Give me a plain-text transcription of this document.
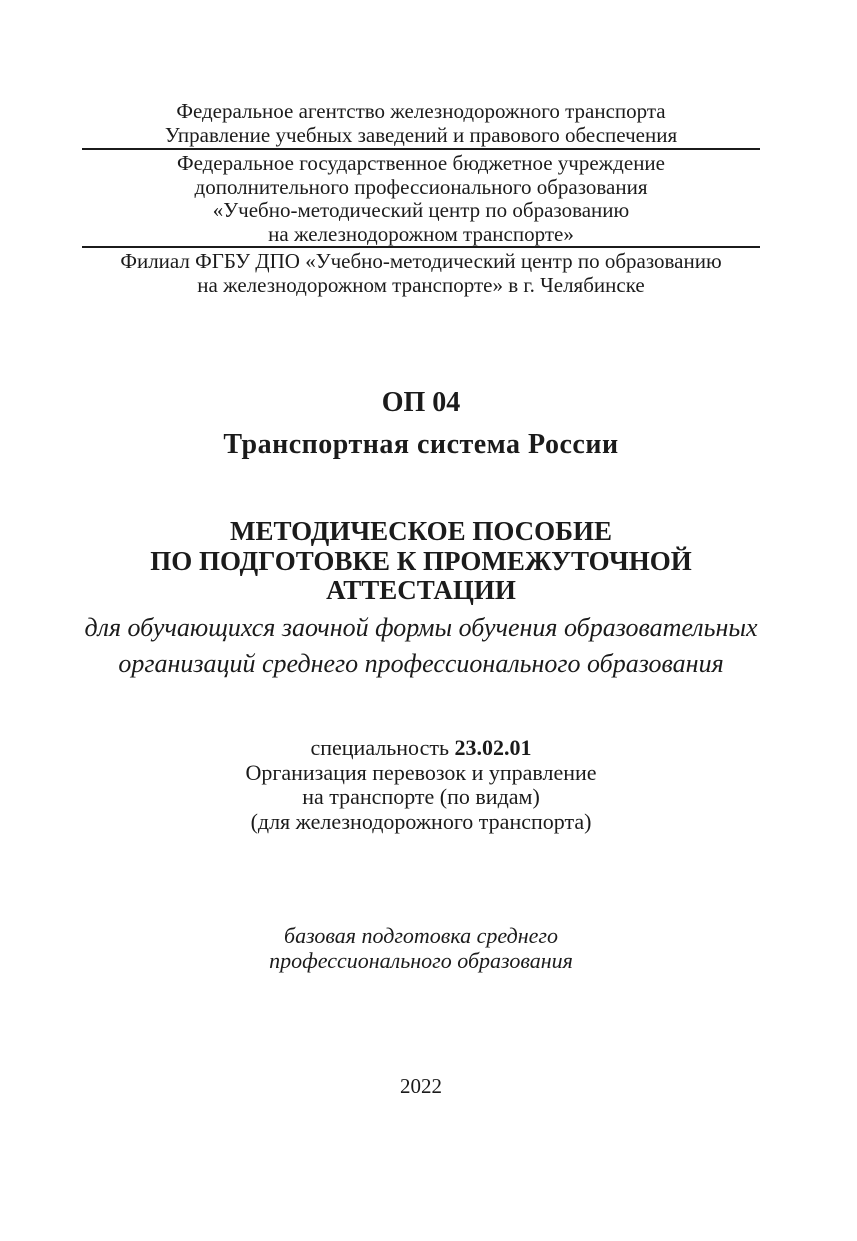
Федеральное агентство железнодорожного транспорта
Управление учебных заведений и правового обеспечения
Федеральное государственное бюджетное учреждение
дополнительного профессионального образования
«Учебно-методический центр по образованию
на железнодорожном транспорте»
Филиал ФГБУ ДПО «Учебно-методический центр по образованию
на железнодорожном транспорте» в г. Челябинске
ОП 04
Транспортная система России
МЕТОДИЧЕСКОЕ ПОСОБИЕ
ПО ПОДГОТОВКЕ К ПРОМЕЖУТОЧНОЙ АТТЕСТАЦИИ
для обучающихся заочной формы обучения образовательных
организаций среднего профессионального образования
специальность 23.02.01
Организация перевозок и управление
на транспорте (по видам)
(для железнодорожного транспорта)
базовая подготовка среднего
профессионального образования
2022
